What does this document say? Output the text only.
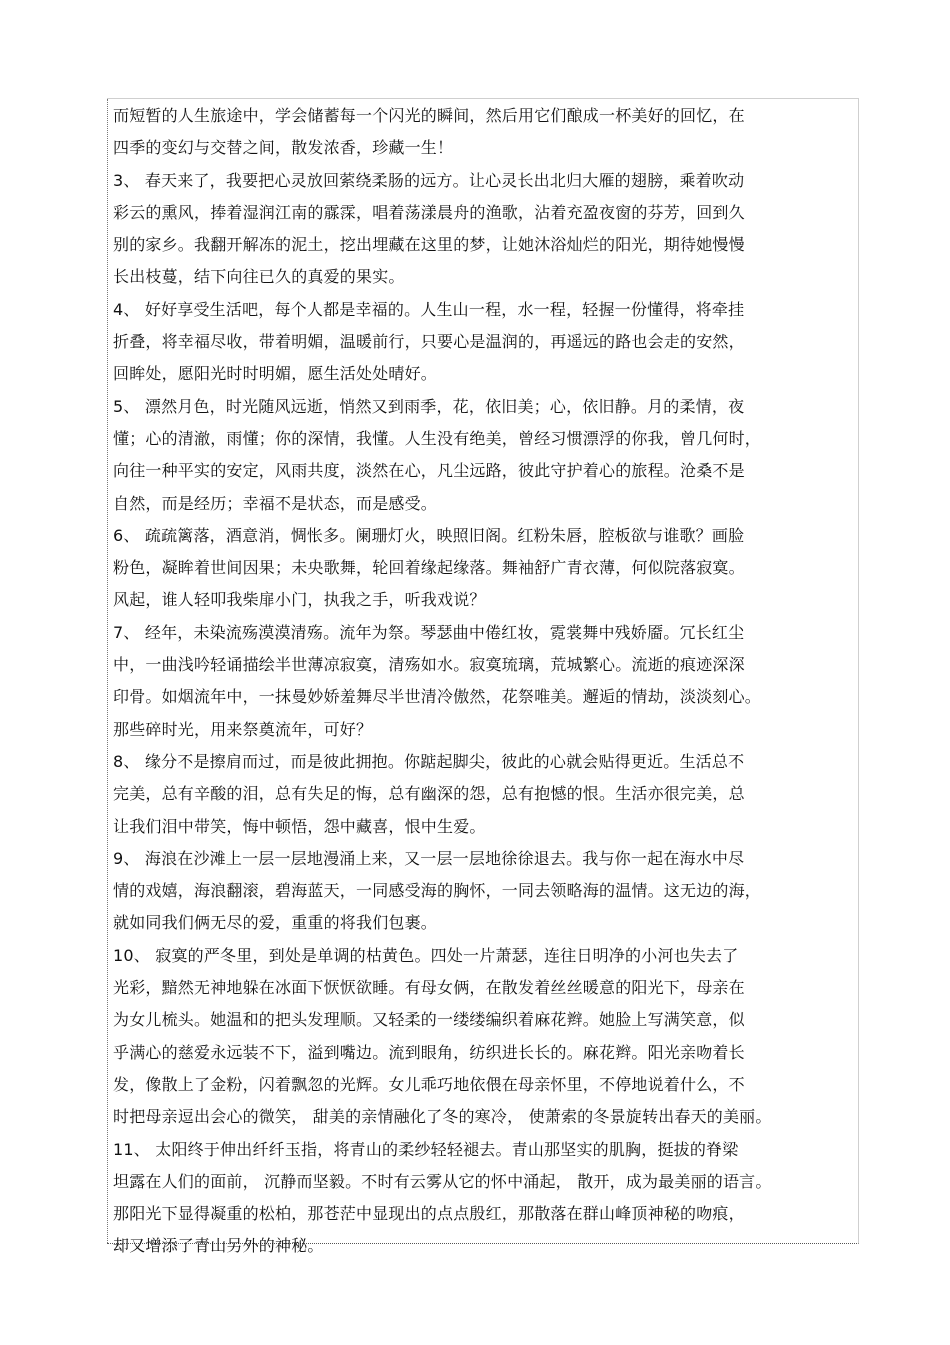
而短暂的人生旅途中，学会储蓄每一个闪光的瞬间，然后用它们酿成一杯美好的回忆，在
四季的变幻与交替之间，散发浓香，珍藏一生！
3、 春天来了，我要把心灵放回萦绕柔肠的远方。让心灵长出北归大雁的翅膀，乘着吹动
彩云的熏风，捧着湿润江南的霡霂，唱着荡漾晨舟的渔歌，沾着充盈夜窗的芬芳，回到久
别的家乡。我翻开解冻的泥土，挖出埋藏在这里的梦，让她沐浴灿烂的阳光，期待她慢慢
长出枝蔓，结下向往已久的真爱的果实。
4、 好好享受生活吧，每个人都是幸福的。人生山一程，水一程，轻握一份懂得，将牵挂
折叠，将幸福尽收，带着明媚，温暖前行，只要心是温润的，再遥远的路也会走的安然，
回眸处，愿阳光时时明媚，愿生活处处晴好。
5、 漂然月色，时光随风远逝，悄然又到雨季，花，依旧美；心，依旧静。月的柔情，夜
懂；心的清澈，雨懂；你的深情，我懂。人生没有绝美，曾经习惯漂浮的你我，曾几何时，
向往一种平实的安定，风雨共度，淡然在心，凡尘远路，彼此守护着心的旅程。沧桑不是
自然，而是经历；幸福不是状态，而是感受。
6、 疏疏篱落，酒意消，惆怅多。阑珊灯火，映照旧阁。红粉朱唇，腔板欲与谁歌？画脸
粉色，凝眸着世间因果；未央歌舞，轮回着缘起缘落。舞袖舒广青衣薄，何似院落寂寞。
风起，谁人轻叩我柴扉小门，执我之手，听我戏说？
7、 经年，未染流殇漠漠清殇。流年为祭。琴瑟曲中倦红妆，霓裳舞中残娇靥。冗长红尘
中，一曲浅吟轻诵描绘半世薄凉寂寞，清殇如水。寂寞琉璃，荒城繁心。流逝的痕迹深深
印骨。如烟流年中，一抹曼妙娇羞舞尽半世清冷傲然，花祭唯美。邂逅的情劫，淡淡刻心。
那些碎时光，用来祭奠流年，可好？
8、 缘分不是擦肩而过，而是彼此拥抱。你踮起脚尖，彼此的心就会贴得更近。生活总不
完美，总有辛酸的泪，总有失足的悔，总有幽深的怨，总有抱憾的恨。生活亦很完美，总
让我们泪中带笑，悔中顿悟，怨中藏喜，恨中生爱。
9、 海浪在沙滩上一层一层地漫涌上来，又一层一层地徐徐退去。我与你一起在海水中尽
情的戏嬉，海浪翻滚，碧海蓝天，一同感受海的胸怀，一同去领略海的温情。这无边的海，
就如同我们俩无尽的爱，重重的将我们包裹。
10、 寂寞的严冬里，到处是单调的枯黄色。四处一片萧瑟，连往日明净的小河也失去了
光彩，黯然无神地躲在冰面下恹恹欲睡。有母女俩，在散发着丝丝暖意的阳光下，母亲在
为女儿梳头。她温和的把头发理顺。又轻柔的一缕缕编织着麻花辫。她脸上写满笑意，似
乎满心的慈爱永远装不下，溢到嘴边。流到眼角，纺织进长长的。麻花辫。阳光亲吻着长
发，像散上了金粉，闪着飘忽的光辉。女儿乖巧地依偎在母亲怀里，不停地说着什么，不
时把母亲逗出会心的微笑， 甜美的亲情融化了冬的寒冷， 使萧索的冬景旋转出春天的美丽。
11、 太阳终于伸出纤纤玉指，将青山的柔纱轻轻褪去。青山那坚实的肌胸，挺拔的脊梁
坦露在人们的面前， 沉静而坚毅。不时有云雾从它的怀中涌起， 散开，成为最美丽的语言。
那阳光下显得凝重的松柏，那苍茫中显现出的点点殷红，那散落在群山峰顶神秘的吻痕，
却又增添了青山另外的神秘。
